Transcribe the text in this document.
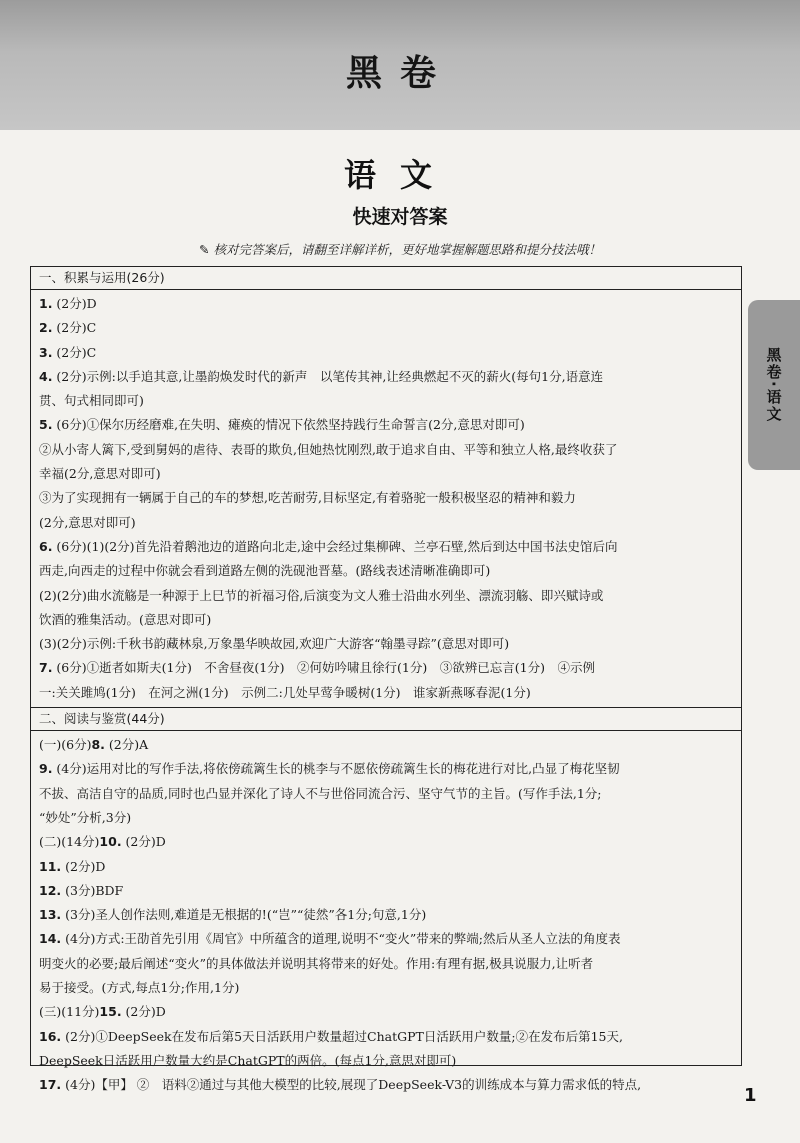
黑卷
语文
快速对答案
✎ 核对完答案后，请翻至详解详析，更好地掌握解题思路和提分技法哦！
黑卷·语文
一、积累与运用(26分)
1. (2分)D
2. (2分)C
3. (2分)C
4. (2分)示例:以手追其意,让墨韵焕发时代的新声　以笔传其神,让经典燃起不灭的薪火(每句1分,语意连
贯、句式相同即可)
5. (6分)①保尔历经磨难,在失明、瘫痪的情况下依然坚持践行生命誓言(2分,意思对即可)
②从小寄人篱下,受到舅妈的虐待、表哥的欺负,但她热忱刚烈,敢于追求自由、平等和独立人格,最终收获了
幸福(2分,意思对即可)
③为了实现拥有一辆属于自己的车的梦想,吃苦耐劳,目标坚定,有着骆驼一般积极坚忍的精神和毅力
(2分,意思对即可)
6. (6分)(1)(2分)首先沿着鹅池边的道路向北走,途中会经过集柳碑、兰亭石壁,然后到达中国书法史馆后向
西走,向西走的过程中你就会看到道路左侧的洗砚池晋墓。(路线表述清晰准确即可)
(2)(2分)曲水流觞是一种源于上巳节的祈福习俗,后演变为文人雅士沿曲水列坐、漂流羽觞、即兴赋诗或
饮酒的雅集活动。(意思对即可)
(3)(2分)示例:千秋书韵藏林泉,万象墨华映故园,欢迎广大游客“翰墨寻踪”(意思对即可)
7. (6分)①逝者如斯夫(1分)　不舍昼夜(1分)　②何妨吟啸且徐行(1分)　③欲辨已忘言(1分)　④示例
一:关关雎鸠(1分)　在河之洲(1分)　示例二:几处早莺争暖树(1分)　谁家新燕啄春泥(1分)
二、阅读与鉴赏(44分)
(一)(6分)8. (2分)A
9. (4分)运用对比的写作手法,将依傍疏篱生长的桃李与不愿依傍疏篱生长的梅花进行对比,凸显了梅花坚韧
不拔、高洁自守的品质,同时也凸显并深化了诗人不与世俗同流合污、坚守气节的主旨。(写作手法,1分;
“妙处”分析,3分)
(二)(14分)10. (2分)D
11. (2分)D
12. (3分)BDF
13. (3分)圣人创作法则,难道是无根据的!(“岂”“徒然”各1分;句意,1分)
14. (4分)方式:王劭首先引用《周官》中所蕴含的道理,说明不“变火”带来的弊端;然后从圣人立法的角度表
明变火的必要;最后阐述“变火”的具体做法并说明其将带来的好处。作用:有理有据,极具说服力,让听者
易于接受。(方式,每点1分;作用,1分)
(三)(11分)15. (2分)D
16. (2分)①DeepSeek在发布后第5天日活跃用户数量超过ChatGPT日活跃用户数量;②在发布后第15天,
DeepSeek日活跃用户数量大约是ChatGPT的两倍。(每点1分,意思对即可)
17. (4分)【甲】 ②　语料②通过与其他大模型的比较,展现了DeepSeek-V3的训练成本与算力需求低的特点,
1
